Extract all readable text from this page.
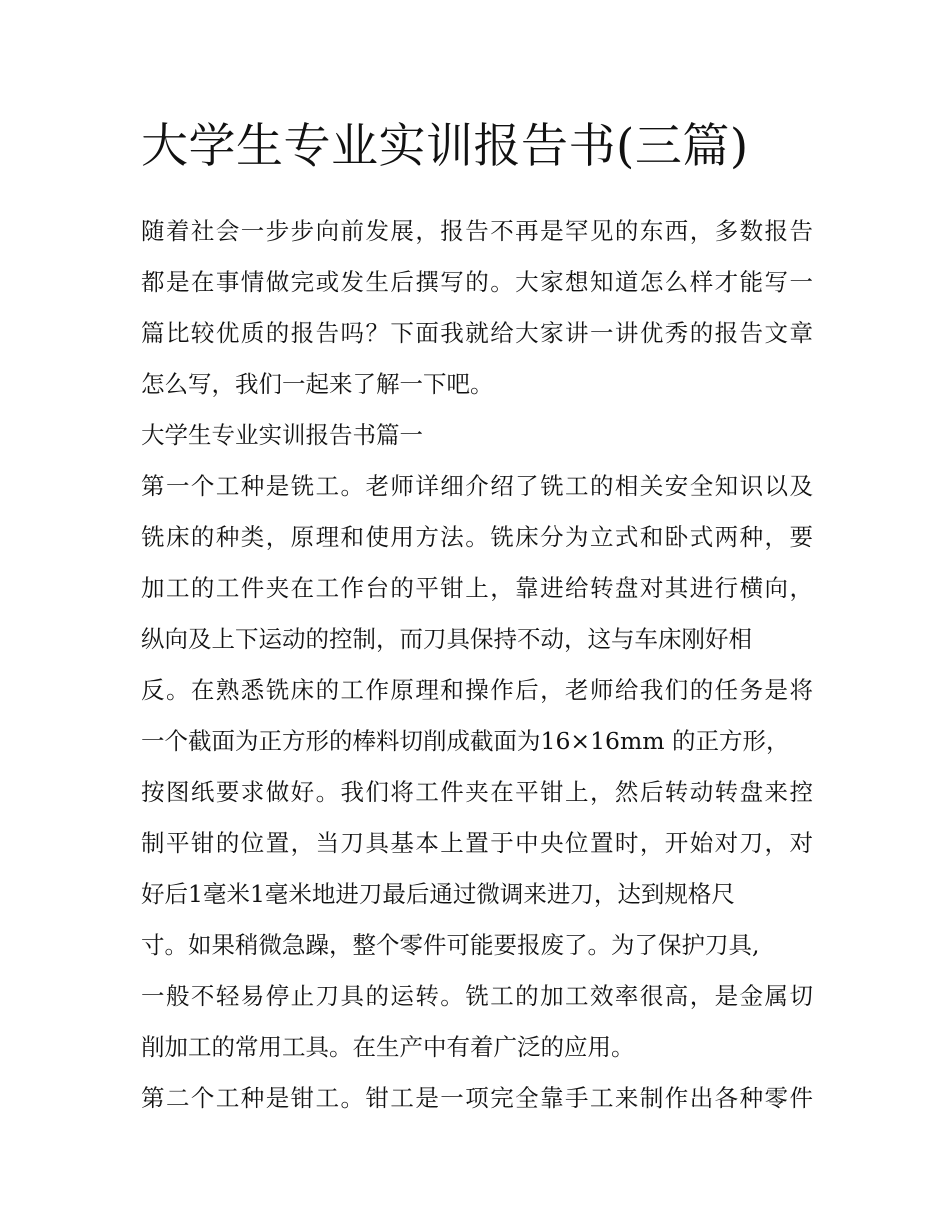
大学生专业实训报告书(三篇)
随着社会一步步向前发展，报告不再是罕见的东西，多数报告
都是在事情做完或发生后撰写的。大家想知道怎么样才能写一
篇比较优质的报告吗？下面我就给大家讲一讲优秀的报告文章
怎么写，我们一起来了解一下吧。
大学生专业实训报告书篇一
第一个工种是铣工。老师详细介绍了铣工的相关安全知识以及
铣床的种类，原理和使用方法。铣床分为立式和卧式两种，要
加工的工件夹在工作台的平钳上，靠进给转盘对其进行横向，
纵向及上下运动的控制，而刀具保持不动，这与车床刚好相
反。在熟悉铣床的工作原理和操作后，老师给我们的任务是将
一个截面为正方形的棒料切削成截面为16×16mm 的正方形，
按图纸要求做好。我们将工件夹在平钳上，然后转动转盘来控
制平钳的位置，当刀具基本上置于中央位置时，开始对刀，对
好后1毫米1毫米地进刀最后通过微调来进刀，达到规格尺
寸。如果稍微急躁，整个零件可能要报废了。为了保护刀具,
一般不轻易停止刀具的运转。铣工的加工效率很高，是金属切
削加工的常用工具。在生产中有着广泛的应用。
第二个工种是钳工。钳工是一项完全靠手工来制作出各种零件
